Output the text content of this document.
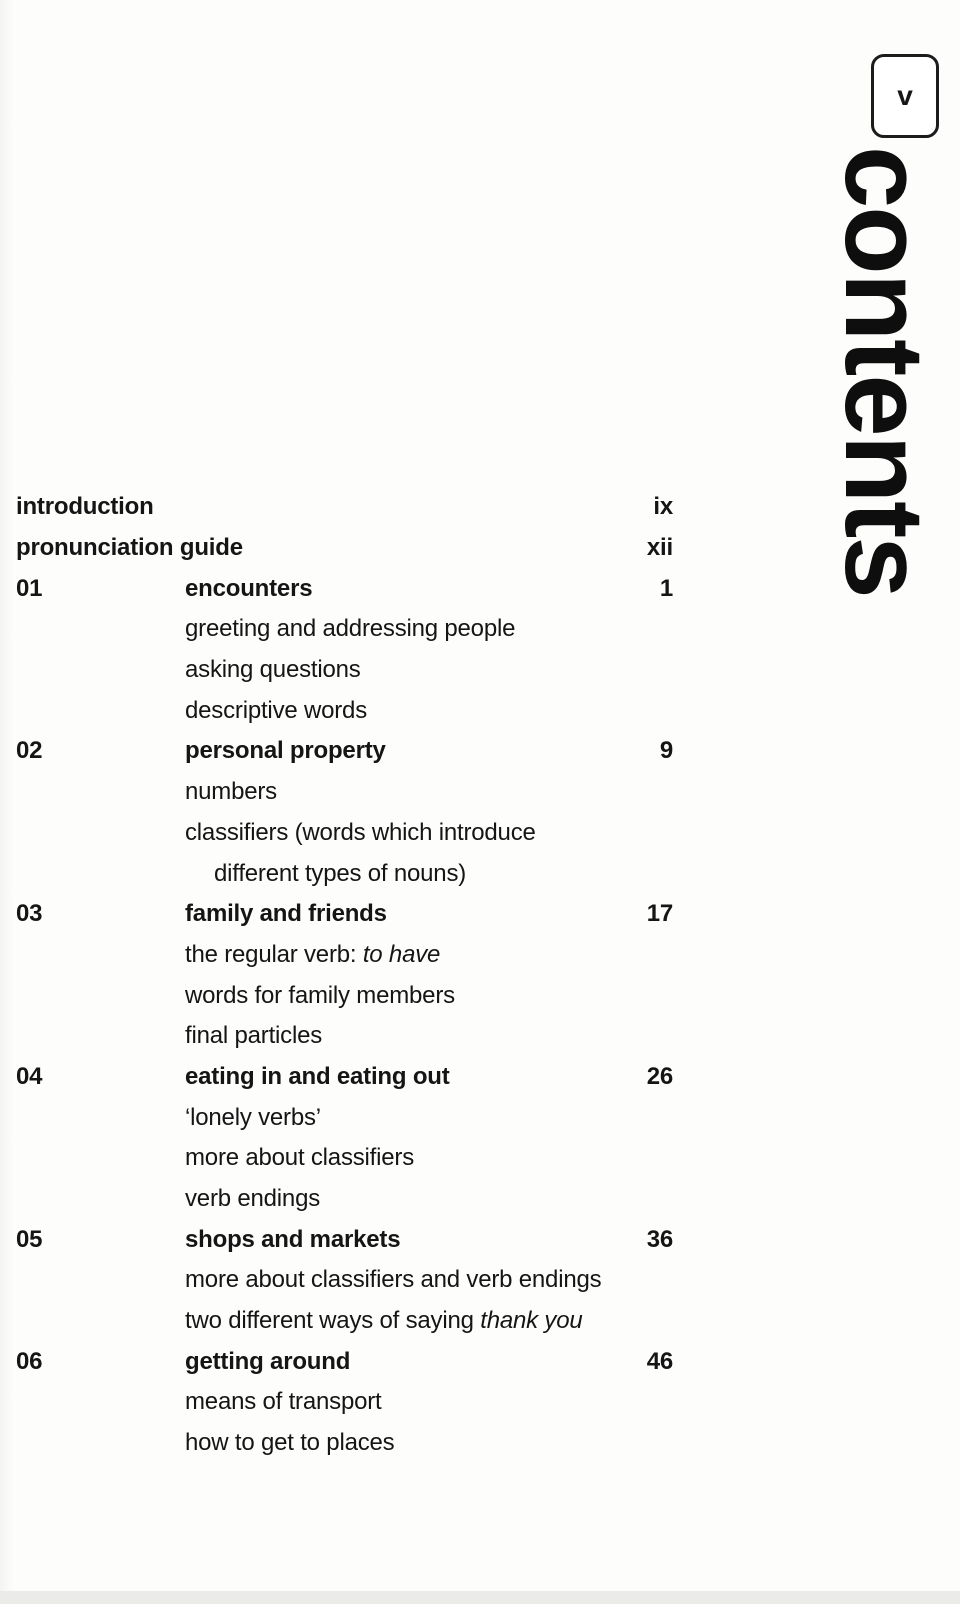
v
contents
introduction	ix
pronunciation guide	xii
01	encounters	1
greeting and addressing people
asking questions
descriptive words
02	personal property	9
numbers
classifiers (words which introduce
different types of nouns)
03	family and friends	17
the regular verb: to have
words for family members
final particles
04	eating in and eating out	26
‘lonely verbs’
more about classifiers
verb endings
05	shops and markets	36
more about classifiers and verb endings
two different ways of saying thank you
06	getting around	46
means of transport
how to get to places
